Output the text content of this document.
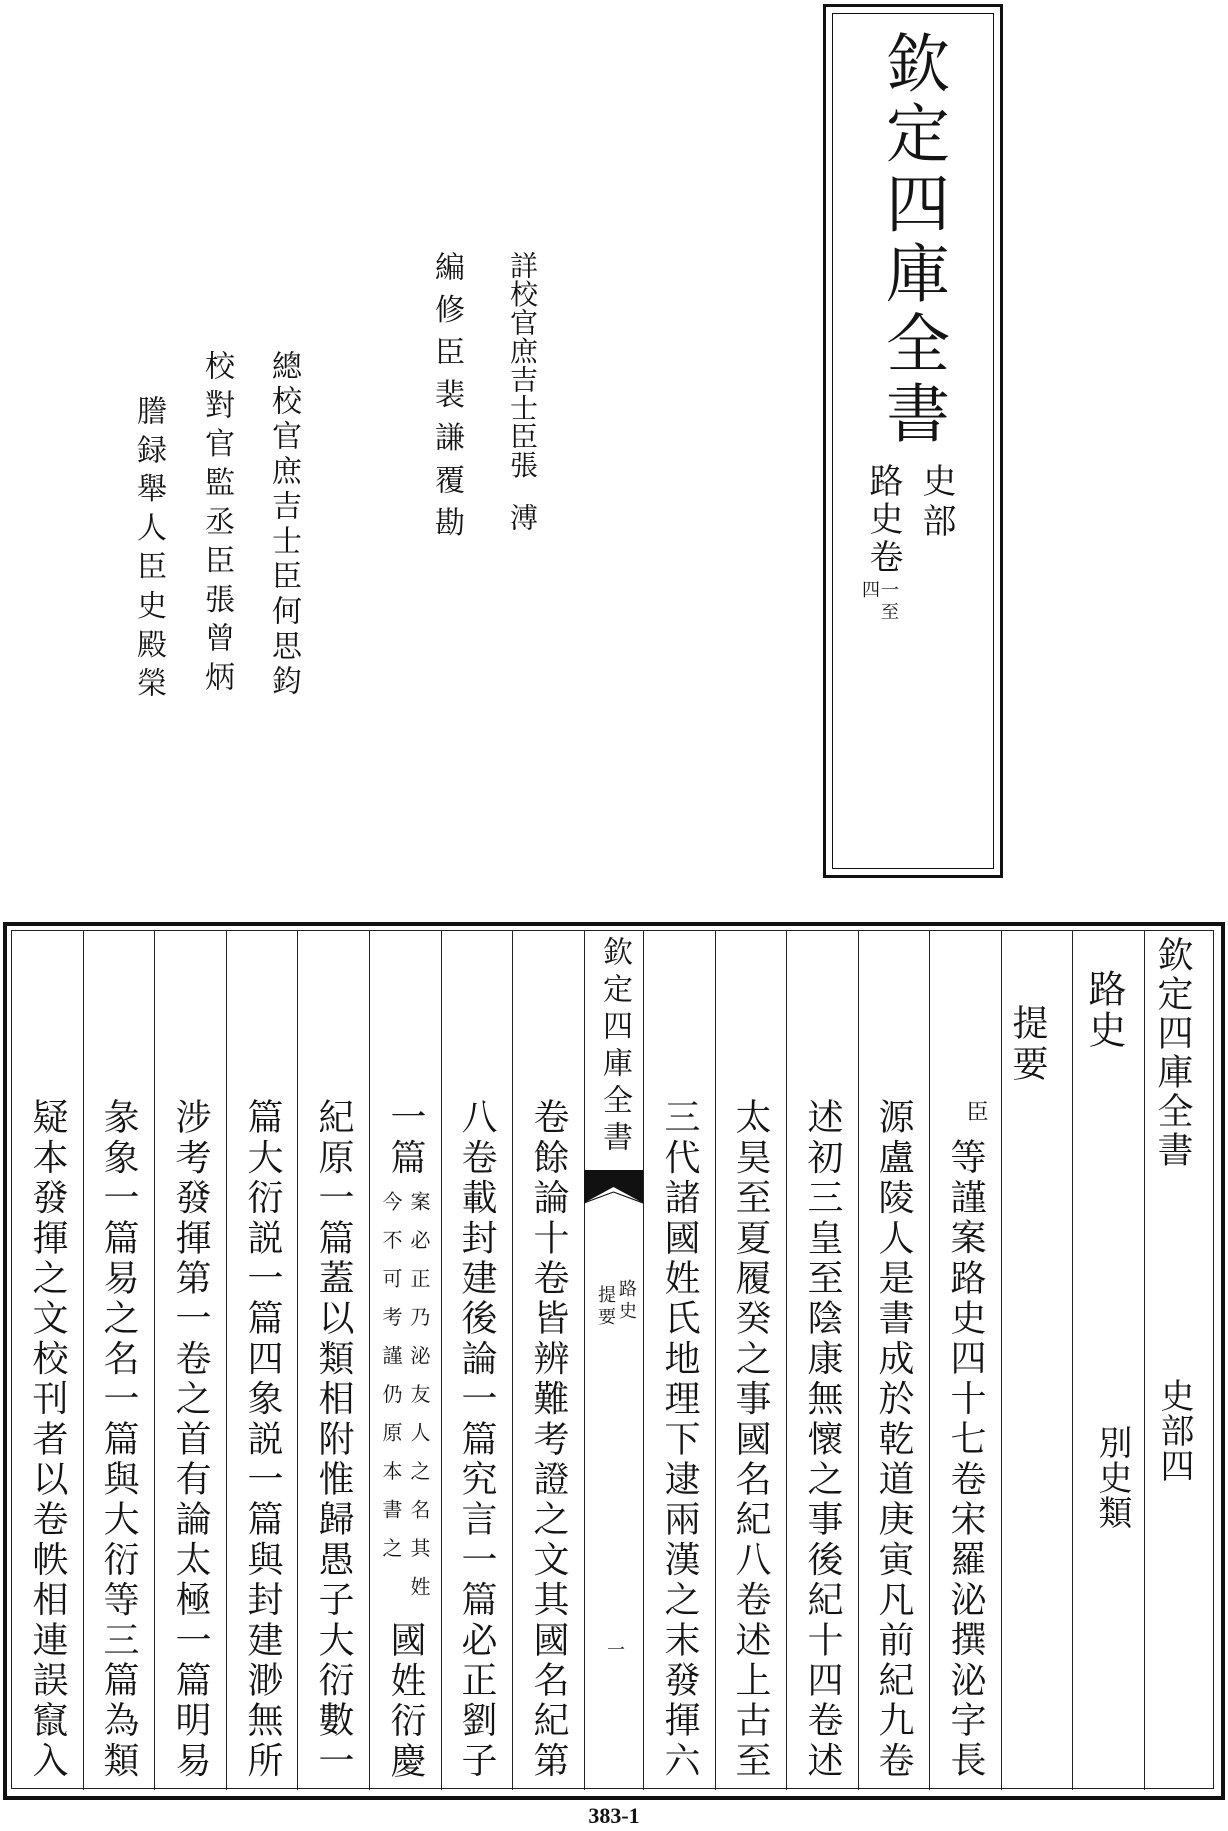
欽定四庫全書
史部
路史卷
一至
四
詳校官庶吉士臣張
溥
編修臣裴謙覆勘
總校官庶吉士臣何思鈞
校對官監丞臣張曾炳
謄録舉人臣史殿榮
欽定四庫全書
史部四
路史
別史類
提要
臣
等謹案路史四十七卷宋羅泌撰泌字長
源盧陵人是書成於乾道庚寅凡前紀九卷
述初三皇至陰康無懷之事後紀十四卷述
太昊至夏履癸之事國名紀八卷述上古至
三代諸國姓氏地理下逮兩漢之末發揮六
欽定四庫全書
路史
提要
一
卷餘論十卷皆辨難考證之文其國名紀第
八卷載封建後論一篇究言一篇必正劉子
一篇
案必正乃泌友人之名其姓
今不可考謹仍原本書之
國姓衍慶
紀原一篇蓋以類相附惟歸愚子大衍數一
篇大衍説一篇四象説一篇與封建渺無所
涉考發揮第一卷之首有論太極一篇明易
彖象一篇易之名一篇與大衍等三篇為類
疑本發揮之文校刊者以卷帙相連誤竄入
383-1
